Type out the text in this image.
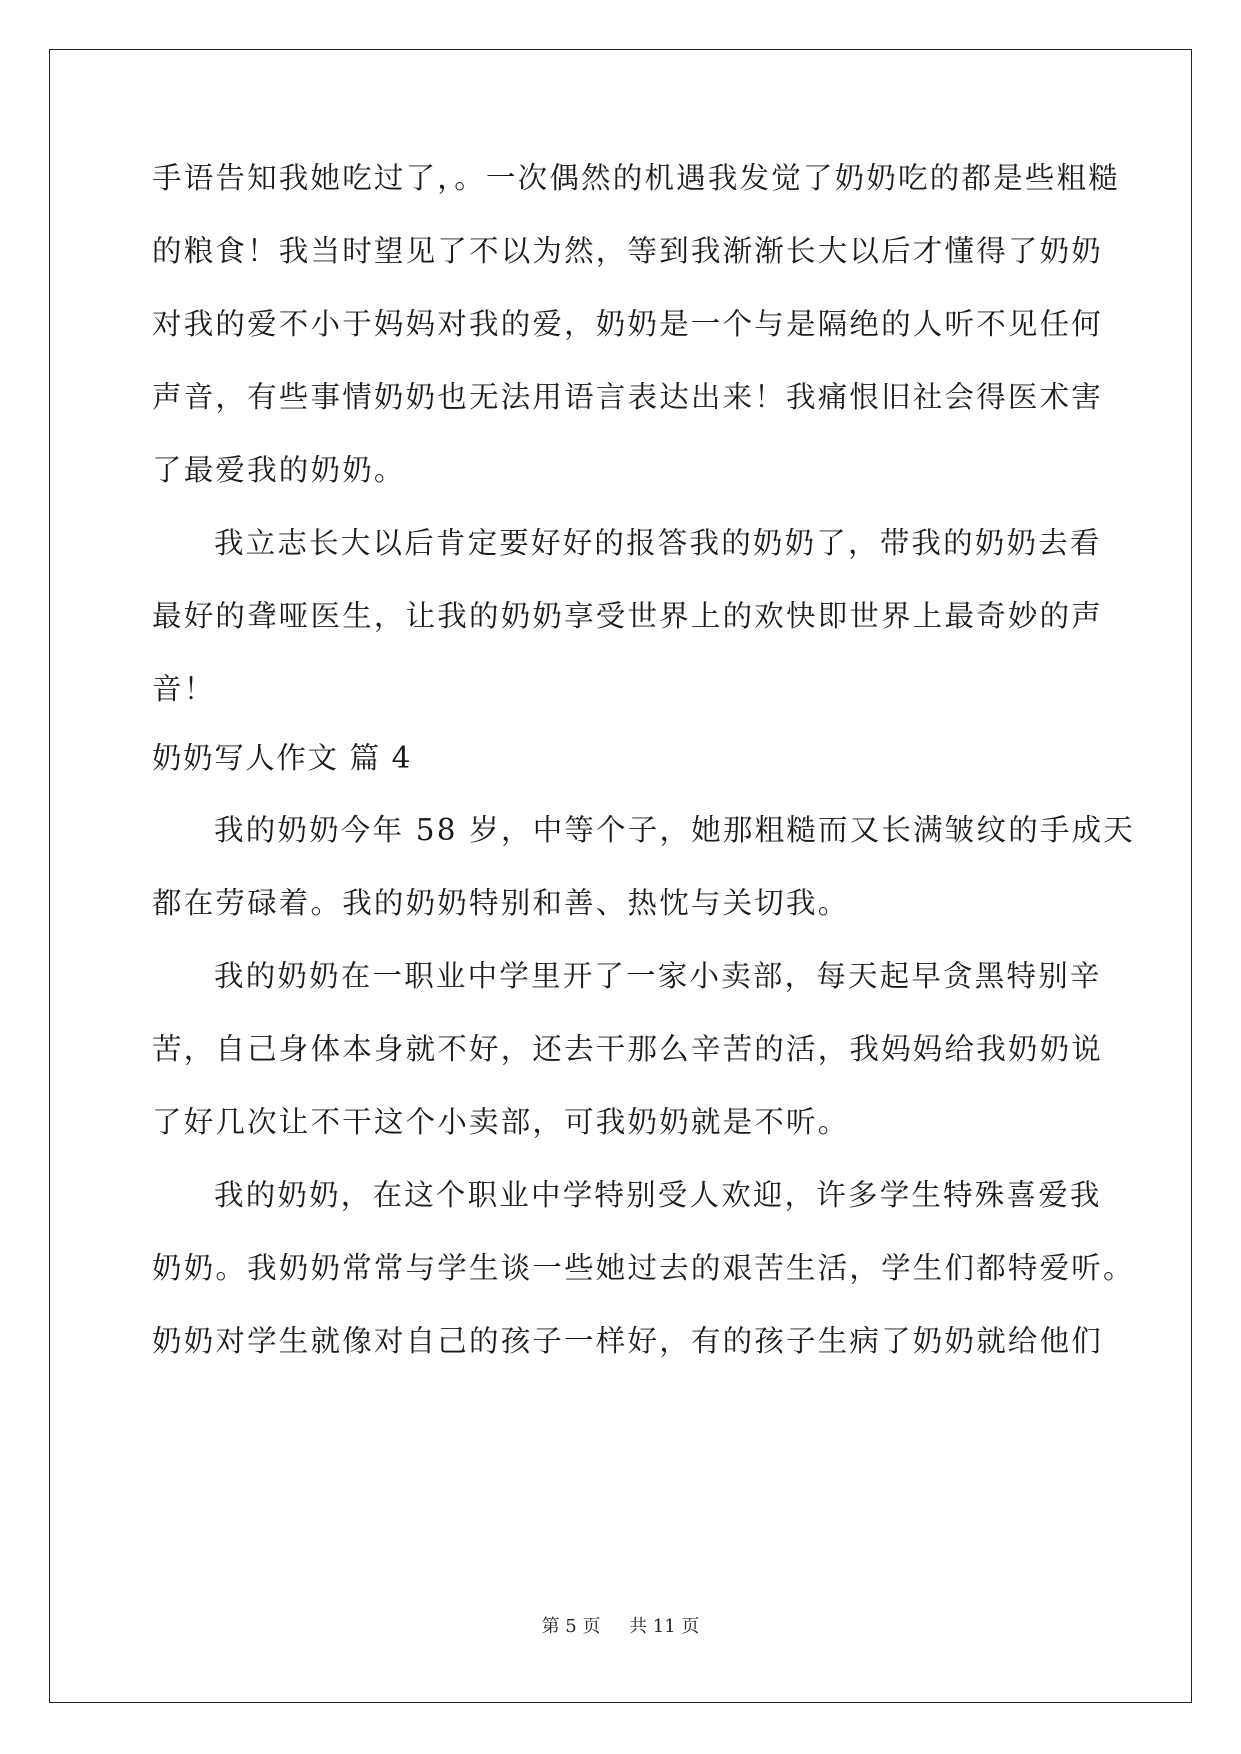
手语告知我她吃过了，。一次偶然的机遇我发觉了奶奶吃的都是些粗糙
的粮食！我当时望见了不以为然，等到我渐渐长大以后才懂得了奶奶
对我的爱不小于妈妈对我的爱，奶奶是一个与是隔绝的人听不见任何
声音，有些事情奶奶也无法用语言表达出来！我痛恨旧社会得医术害
了最爱我的奶奶。
我立志长大以后肯定要好好的报答我的奶奶了，带我的奶奶去看
最好的聋哑医生，让我的奶奶享受世界上的欢快即世界上最奇妙的声
音！
奶奶写人作文 篇 4
我的奶奶今年 58 岁，中等个子，她那粗糙而又长满皱纹的手成天
都在劳碌着。我的奶奶特别和善、热忱与关切我。
我的奶奶在一职业中学里开了一家小卖部，每天起早贪黑特别辛
苦，自己身体本身就不好，还去干那么辛苦的活，我妈妈给我奶奶说
了好几次让不干这个小卖部，可我奶奶就是不听。
我的奶奶，在这个职业中学特别受人欢迎，许多学生特殊喜爱我
奶奶。我奶奶常常与学生谈一些她过去的艰苦生活，学生们都特爱听。
奶奶对学生就像对自己的孩子一样好，有的孩子生病了奶奶就给他们
第 5 页 共 11 页
